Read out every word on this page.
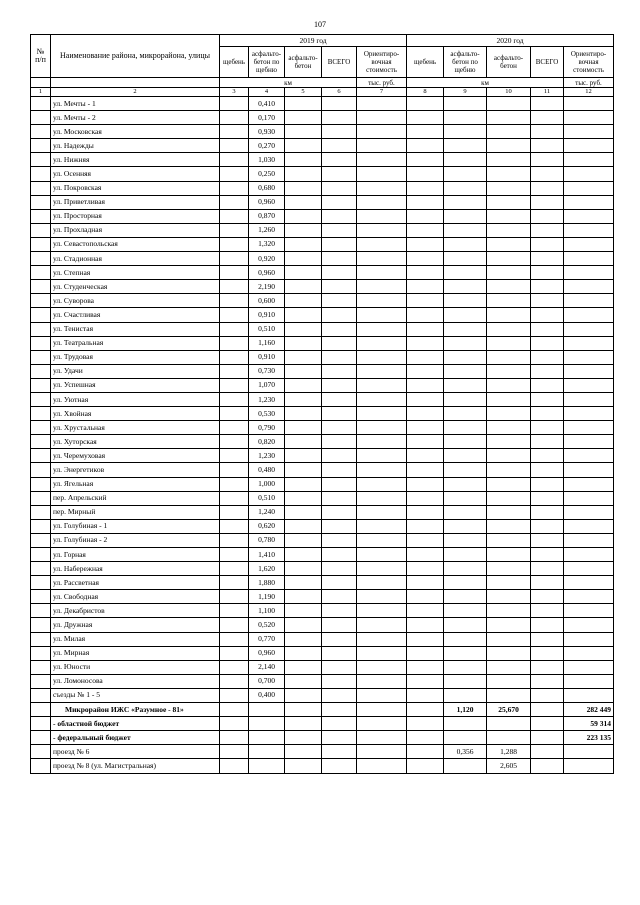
107
№ п/п	Наименование района, микрорайона, улицы	2019 год					2020 год				
		щебень	асфальто-бетон по щебню	асфальто-бетон	ВСЕГО	Ориентиро-вочная стоимость	щебень	асфальто-бетон по щебню	асфальто-бетон	ВСЕГО	Ориентиро-вочная стоимость
		км				тыс. руб.	км				тыс. руб.
1	2	3	4	5	6	7	8	9	10	11	12
	ул. Мечты - 1		0,410								
	ул. Мечты - 2		0,170								
	ул. Московская		0,930								
	ул. Надежды		0,270								
	ул. Нижняя		1,030								
	ул. Осенняя		0,250								
	ул. Покровская		0,680								
	ул. Приветливая		0,960								
	ул. Просторная		0,870								
	ул. Прохладная		1,260								
	ул. Севастопольская		1,320								
	ул. Стадионная		0,920								
	ул. Степная		0,960								
	ул. Студенческая		2,190								
	ул. Суворова		0,600								
	ул. Счастливая		0,910								
	ул. Тенистая		0,510								
	ул. Театральная		1,160								
	ул. Трудовая		0,910								
	ул. Удачи		0,730								
	ул. Успешная		1,070								
	ул. Уютная		1,230								
	ул. Хвойная		0,530								
	ул. Хрустальная		0,790								
	ул. Хуторская		0,820								
	ул. Черемуховая		1,230								
	ул. Энергетиков		0,480								
	ул. Ягельная		1,000								
	пер. Апрельский		0,510								
	пер. Мирный		1,240								
	ул. Голубиная - 1		0,620								
	ул. Голубиная - 2		0,780								
	ул. Горная		1,410								
	ул. Набережная		1,620								
	ул. Рассветная		1,880								
	ул. Свободная		1,190								
	ул. Декабристов		1,100								
	ул. Дружная		0,520								
	ул. Милая		0,770								
	ул. Мирная		0,960								
	ул. Юности		2,140								
	ул. Ломоносова		0,700								
	съезды № 1 - 5		0,400								
	Микрорайон ИЖС «Разумное - 81»							1,120	25,670		282 449
	- областной бюджет										59 314
	- федеральный бюджет										223 135
	проезд № 6							0,356	1,288		
	проезд № 8 (ул. Магистральная)								2,605		
